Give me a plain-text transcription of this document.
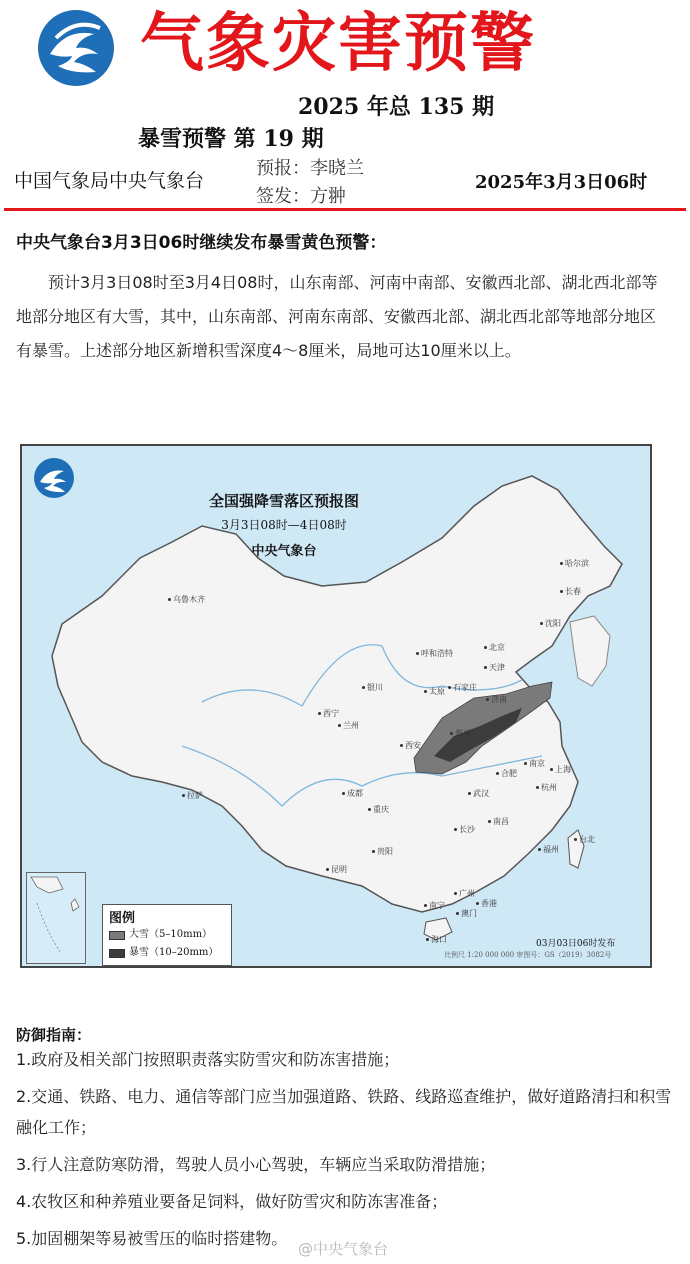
气象灾害预警
2025 年总 135 期
暴雪预警 第 19 期
中国气象局中央气象台
预报：李晓兰
签发：方翀
2025年3月3日06时
中央气象台3月3日06时继续发布暴雪黄色预警：
预计3月3日08时至3月4日08时，山东南部、河南中南部、安徽西北部、湖北西北部等地部分地区有大雪，其中，山东南部、河南东南部、安徽西北部、湖北西北部等地部分地区有暴雪。上述部分地区新增积雪深度4～8厘米，局地可达10厘米以上。
全国强降雪落区预报图
3月3日08时—4日08时
中央气象台
哈尔滨
长春
沈阳
北京
天津
呼和浩特
银川	太原	石家庄
济南
郑州
西宁
兰州
西安
合肥
南京
上海
杭州
武汉
南昌
长沙
重庆
成都
贵阳
昆明
南宁
广州
澳门
香港
海口
福州
台北
拉萨
乌鲁木齐
图例
大雪（5–10mm）
暴雪（10–20mm）
03月03日06时发布
比例尺 1:20 000 000 审图号：GS（2019）3082号
防御指南：
1.政府及相关部门按照职责落实防雪灾和防冻害措施；
2.交通、铁路、电力、通信等部门应当加强道路、铁路、线路巡查维护，做好道路清扫和积雪融化工作；
3.行人注意防寒防滑，驾驶人员小心驾驶，车辆应当采取防滑措施；
4.农牧区和种养殖业要备足饲料，做好防雪灾和防冻害准备；
5.加固棚架等易被雪压的临时搭建物。
@中央气象台
